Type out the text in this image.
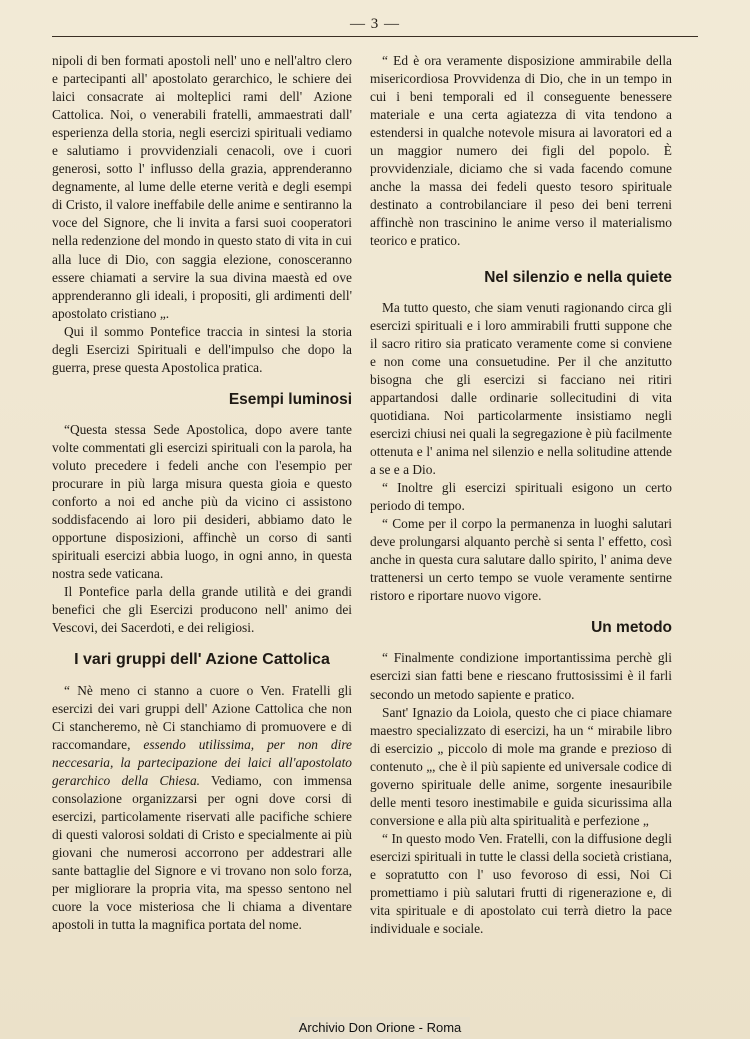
— 3 —

nipoli di ben formati apostoli nell' uno e nell'altro clero e partecipanti all' apostolato gerarchico, le schiere dei laici consacrate ai molteplici rami dell' Azione Cattolica. Noi, o venerabili fratelli, ammaestrati dall' esperienza della storia, negli esercizi spirituali vediamo e salutiamo i provvidenziali cenacoli, ove i cuori generosi, sotto l' influsso della grazia, apprenderanno degnamente, al lume delle eterne verità e degli esempi di Cristo, il valore ineffabile delle anime e sentiranno la voce del Signore, che li invita a farsi suoi cooperatori nella redenzione del mondo in questo stato di vita in cui alla luce di Dio, con saggia elezione, conosceranno essere chiamati a servire la sua divina maestà ed ove apprenderanno gli ideali, i propositi, gli ardimenti dell' apostolato cristiano „.

Qui il sommo Pontefice traccia in sintesi la storia degli Esercizi Spirituali e dell'impulso che dopo la guerra, prese questa Apostolica pratica.

Esempi luminosi

“Questa stessa Sede Apostolica, dopo avere tante volte commentati gli esercizi spirituali con la parola, ha voluto precedere i fedeli anche con l'esempio per procurare in più larga misura questa gioia e questo conforto a noi ed anche più da vicino ci assistono soddisfacendo ai loro pii desideri, abbiamo dato le opportune disposizioni, affinchè un corso di santi spirituali esercizi abbia luogo, in ogni anno, in questa nostra sede vaticana.

Il Pontefice parla della grande utilità e dei grandi benefici che gli Esercizi producono nell' animo dei Vescovi, dei Sacerdoti, e dei religiosi.

I vari gruppi dell' Azione Cattolica

“ Nè meno ci stanno a cuore o Ven. Fratelli gli esercizi dei vari gruppi dell' Azione Cattolica che non Ci stancheremo, nè Ci stanchiamo di promuovere e di raccomandare, essendo utilissima, per non dire neccesaria, la partecipazione dei laici all'apostolato gerarchico della Chiesa. Vediamo, con immensa consolazione organizzarsi per ogni dove corsi di esercizi, particolamente riservati alle pacifiche schiere di questi valorosi soldati di Cristo e specialmente ai più giovani che numerosi accorrono per addestrari alle sante battaglie del Signore e vi trovano non solo forza, per migliorare la propria vita, ma spesso sentono nel cuore la voce misteriosa che li chiama a diventare apostoli in tutta la magnifica portata del nome.

“ Ed è ora veramente disposizione ammirabile della misericordiosa Provvidenza di Dio, che in un tempo in cui i beni temporali ed il conseguente benessere materiale e una certa agiatezza di vita tendono a estendersi in qualche notevole misura ai lavoratori ed a un maggior numero dei figli del popolo. È provvidenziale, diciamo che si vada facendo comune anche la massa dei fedeli questo tesoro spirituale destinato a controbilanciare il peso dei beni terreni affinchè non trascinino le anime verso il materialismo teorico e pratico.

Nel silenzio e nella quiete

Ma tutto questo, che siam venuti ragionando circa gli esercizi spirituali e i loro ammirabili frutti suppone che il sacro ritiro sia praticato veramente come si conviene e non come una consuetudine. Per il che anzitutto bisogna che gli esercizi si facciano nei ritiri appartandosi dalle ordinarie sollecitudini di vita quotidiana. Noi particolarmente insistiamo negli esercizi chiusi nei quali la segregazione è più facilmente ottenuta e l' anima nel silenzio e nella solitudine attende a se e a Dio.

“ Inoltre gli esercizi spirituali esigono un certo periodo di tempo.

“ Come per il corpo la permanenza in luoghi salutari deve prolungarsi alquanto perchè si senta l' effetto, così anche in questa cura salutare dallo spirito, l' anima deve trattenersi un certo tempo se vuole veramente sentirne ristoro e riportare nuovo vigore.

Un metodo

“ Finalmente condizione importantissima perchè gli esercizi sian fatti bene e riescano fruttosissimi è il farli secondo un metodo sapiente e pratico.

Sant' Ignazio da Loiola, questo che ci piace chiamare maestro specializzato di esercizi, ha un “ mirabile libro di esercizio „ piccolo di mole ma grande e prezioso di contenuto „, che è il più sapiente ed universale codice di governo spirituale delle anime, sorgente inesauribile delle menti tesoro inestimabile e guida sicurissima alla conversione e alla più alta spiritualità e perfezione „

“ In questo modo Ven. Fratelli, con la diffusione degli esercizi spirituali in tutte le classi della società cristiana, e sopratutto con l' uso fevoroso di essi, Noi Ci promettiamo i più salutari frutti di rigenerazione e, di vita spirituale e di apostolato cui terrà dietro la pace individuale e sociale.

Archivio Don Orione - Roma
